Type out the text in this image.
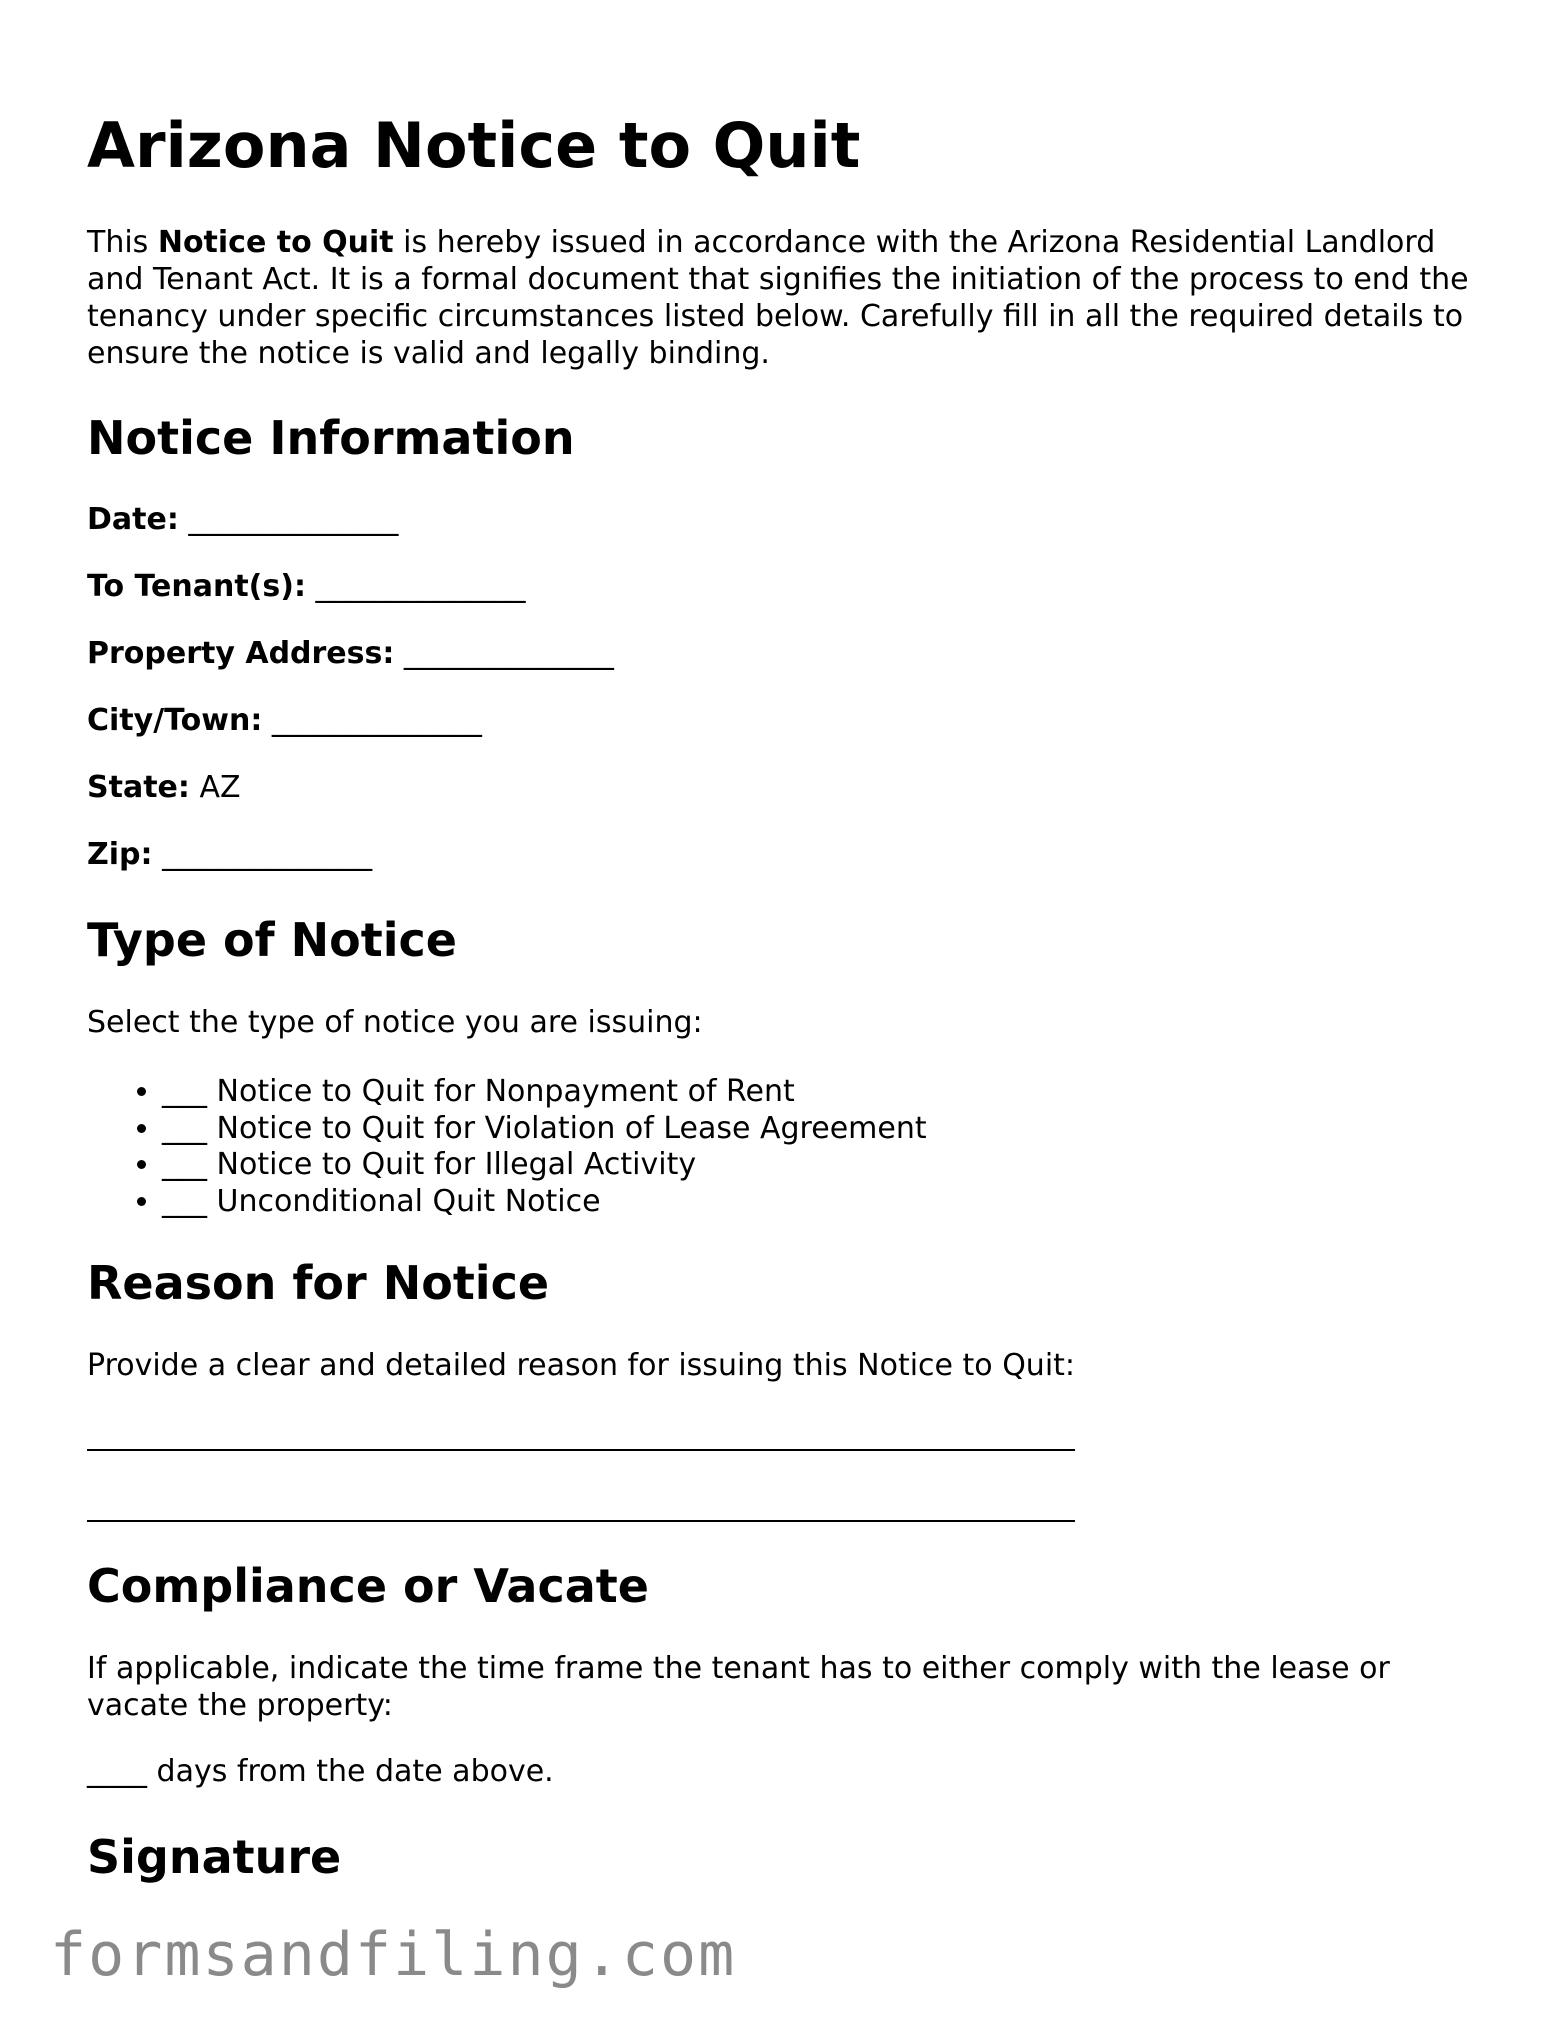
Arizona Notice to Quit

This Notice to Quit is hereby issued in accordance with the Arizona Residential Landlord and Tenant Act. It is a formal document that signifies the initiation of the process to end the tenancy under specific circumstances listed below. Carefully fill in all the required details to ensure the notice is valid and legally binding.

Notice Information

Date: ______________

To Tenant(s): ______________

Property Address: ______________

City/Town: ______________

State: AZ

Zip: ______________

Type of Notice

Select the type of notice you are issuing:

• ___ Notice to Quit for Nonpayment of Rent
• ___ Notice to Quit for Violation of Lease Agreement
• ___ Notice to Quit for Illegal Activity
• ___ Unconditional Quit Notice
Reason for Notice

Provide a clear and detailed reason for issuing this Notice to Quit:

Compliance or Vacate

If applicable, indicate the time frame the tenant has to either comply with the lease or vacate the property:

____ days from the date above.

Signature

formsandfiling.com
